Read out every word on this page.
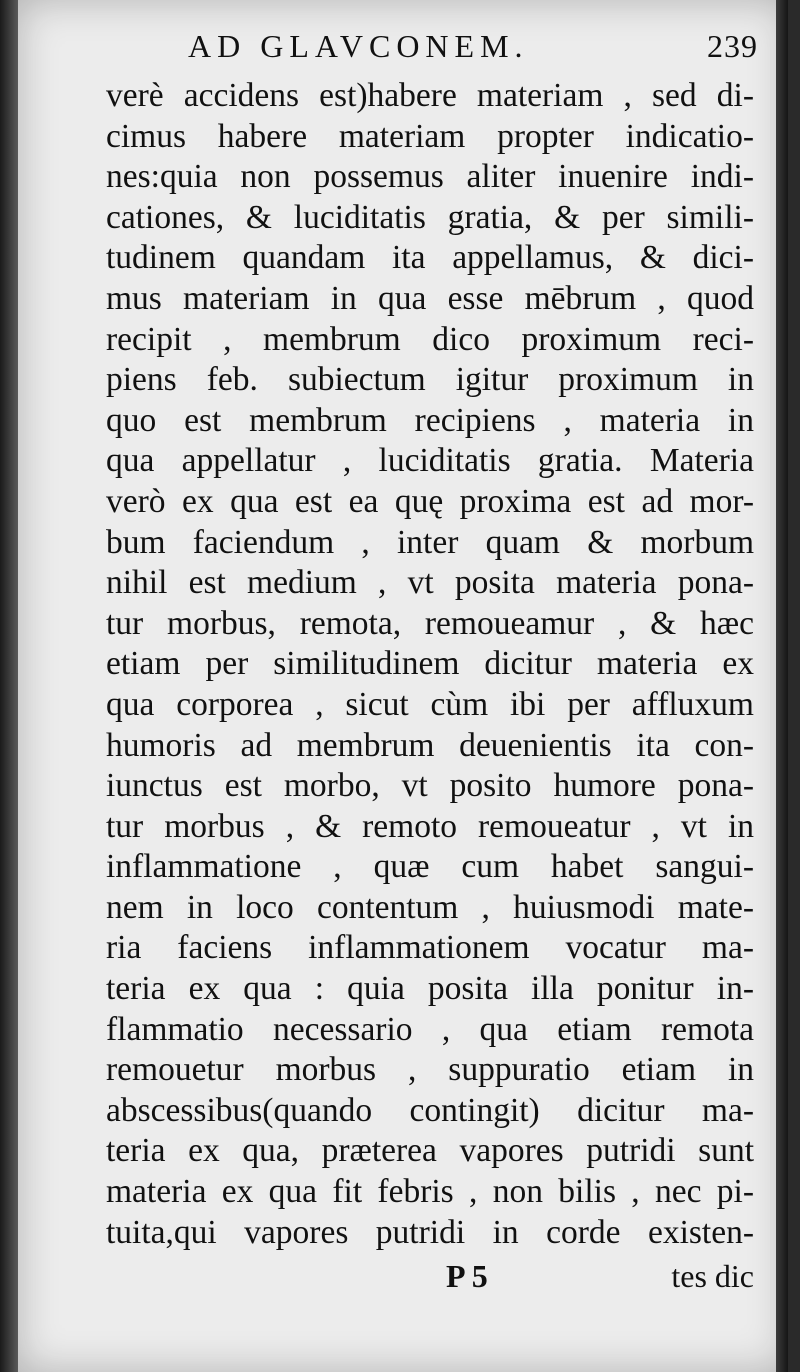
AD GLAVCONEM.	239
verè accidens est)habere materiam , sed di-
cimus habere materiam propter indicatio-
nes:quia non possemus aliter inuenire indi-
cationes, & luciditatis gratia, & per simili-
tudinem quandam ita appellamus, & dici-
mus materiam in qua esse mēbrum , quod
recipit , membrum dico proximum reci-
piens feb. subiectum igitur proximum in
quo est membrum recipiens , materia in
qua appellatur , luciditatis gratia. Materia
verò ex qua est ea quę proxima est ad mor-
bum faciendum , inter quam & morbum
nihil est medium , vt posita materia pona-
tur morbus, remota, remoueamur , & hæc
etiam per similitudinem dicitur materia ex
qua corporea , sicut cùm ibi per affluxum
humoris ad membrum deuenientis ita con-
iunctus est morbo, vt posito humore pona-
tur morbus , & remoto remoueatur , vt in
inflammatione , quæ cum habet sangui-
nem in loco contentum , huiusmodi mate-
ria faciens inflammationem vocatur ma-
teria ex qua : quia posita illa ponitur in-
flammatio necessario , qua etiam remota
remouetur morbus , suppuratio etiam in
abscessibus(quando contingit) dicitur ma-
teria ex qua, præterea vapores putridi sunt
materia ex qua fit febris , non bilis , nec pi-
tuita,qui vapores putridi in corde existen-
P 5	tes dic
